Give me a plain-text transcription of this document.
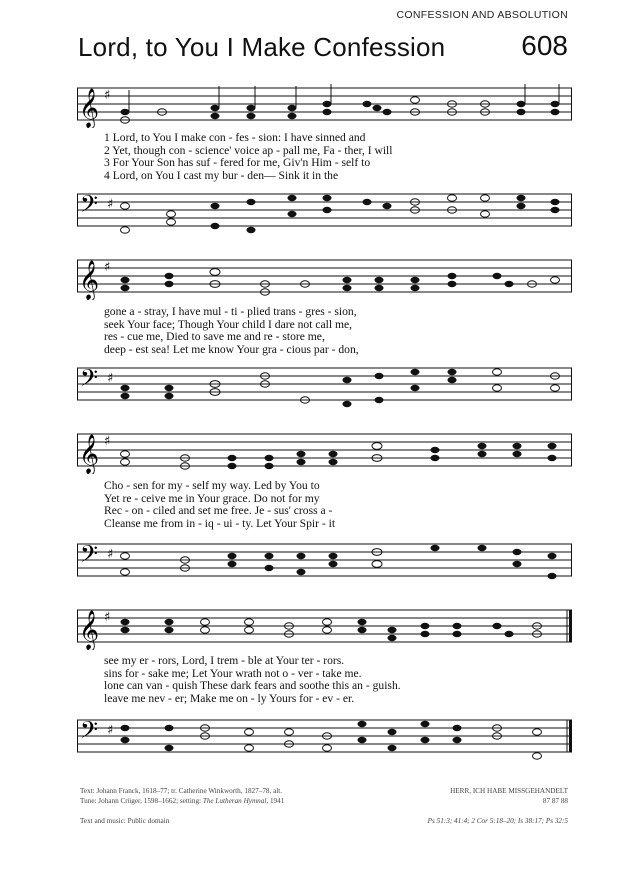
CONFESSION AND ABSOLUTION
Lord, to You I Make Confession	608
𝄞 ♯
1 Lord, to You I make con - fes - sion: I have sinned and
2 Yet, though con - science' voice ap - pall me, Fa - ther, I will
3 For Your Son has suf - fered for me, Giv'n Him - self to
4 Lord, on You I cast my bur - den— Sink it in the
𝄢 ♯
𝄞 ♯
gone a - stray, I have mul - ti - plied trans - gres - sion,
seek Your face; Though Your child I dare not call me,
res - cue me, Died to save me and re - store me,
deep - est sea! Let me know Your gra - cious par - don,
𝄢 ♯
𝄞 ♯
Cho - sen for my - self my way. Led by You to
Yet re - ceive me in Your grace. Do not for my
Rec - on - ciled and set me free. Je - sus' cross a -
Cleanse me from in - iq - ui - ty. Let Your Spir - it
𝄢 ♯
𝄞 ♯
see my er - rors, Lord, I trem - ble at Your ter - rors.
sins for - sake me; Let Your wrath not o - ver - take me.
lone can van - quish These dark fears and soothe this an - guish.
leave me nev - er; Make me on - ly Yours for - ev - er.
𝄢 ♯
Text: Johann Franck, 1618–77; tr. Catherine Winkworth, 1827–78, alt.
Tune: Johann Crüger, 1598–1662; setting: The Lutheran Hymnal, 1941
HERR, ICH HABE MISSGEHANDELT
87 87 88
Text and music: Public domain	Ps 51:3; 41:4; 2 Cor 5:18–20; Is 38:17; Ps 32:5
